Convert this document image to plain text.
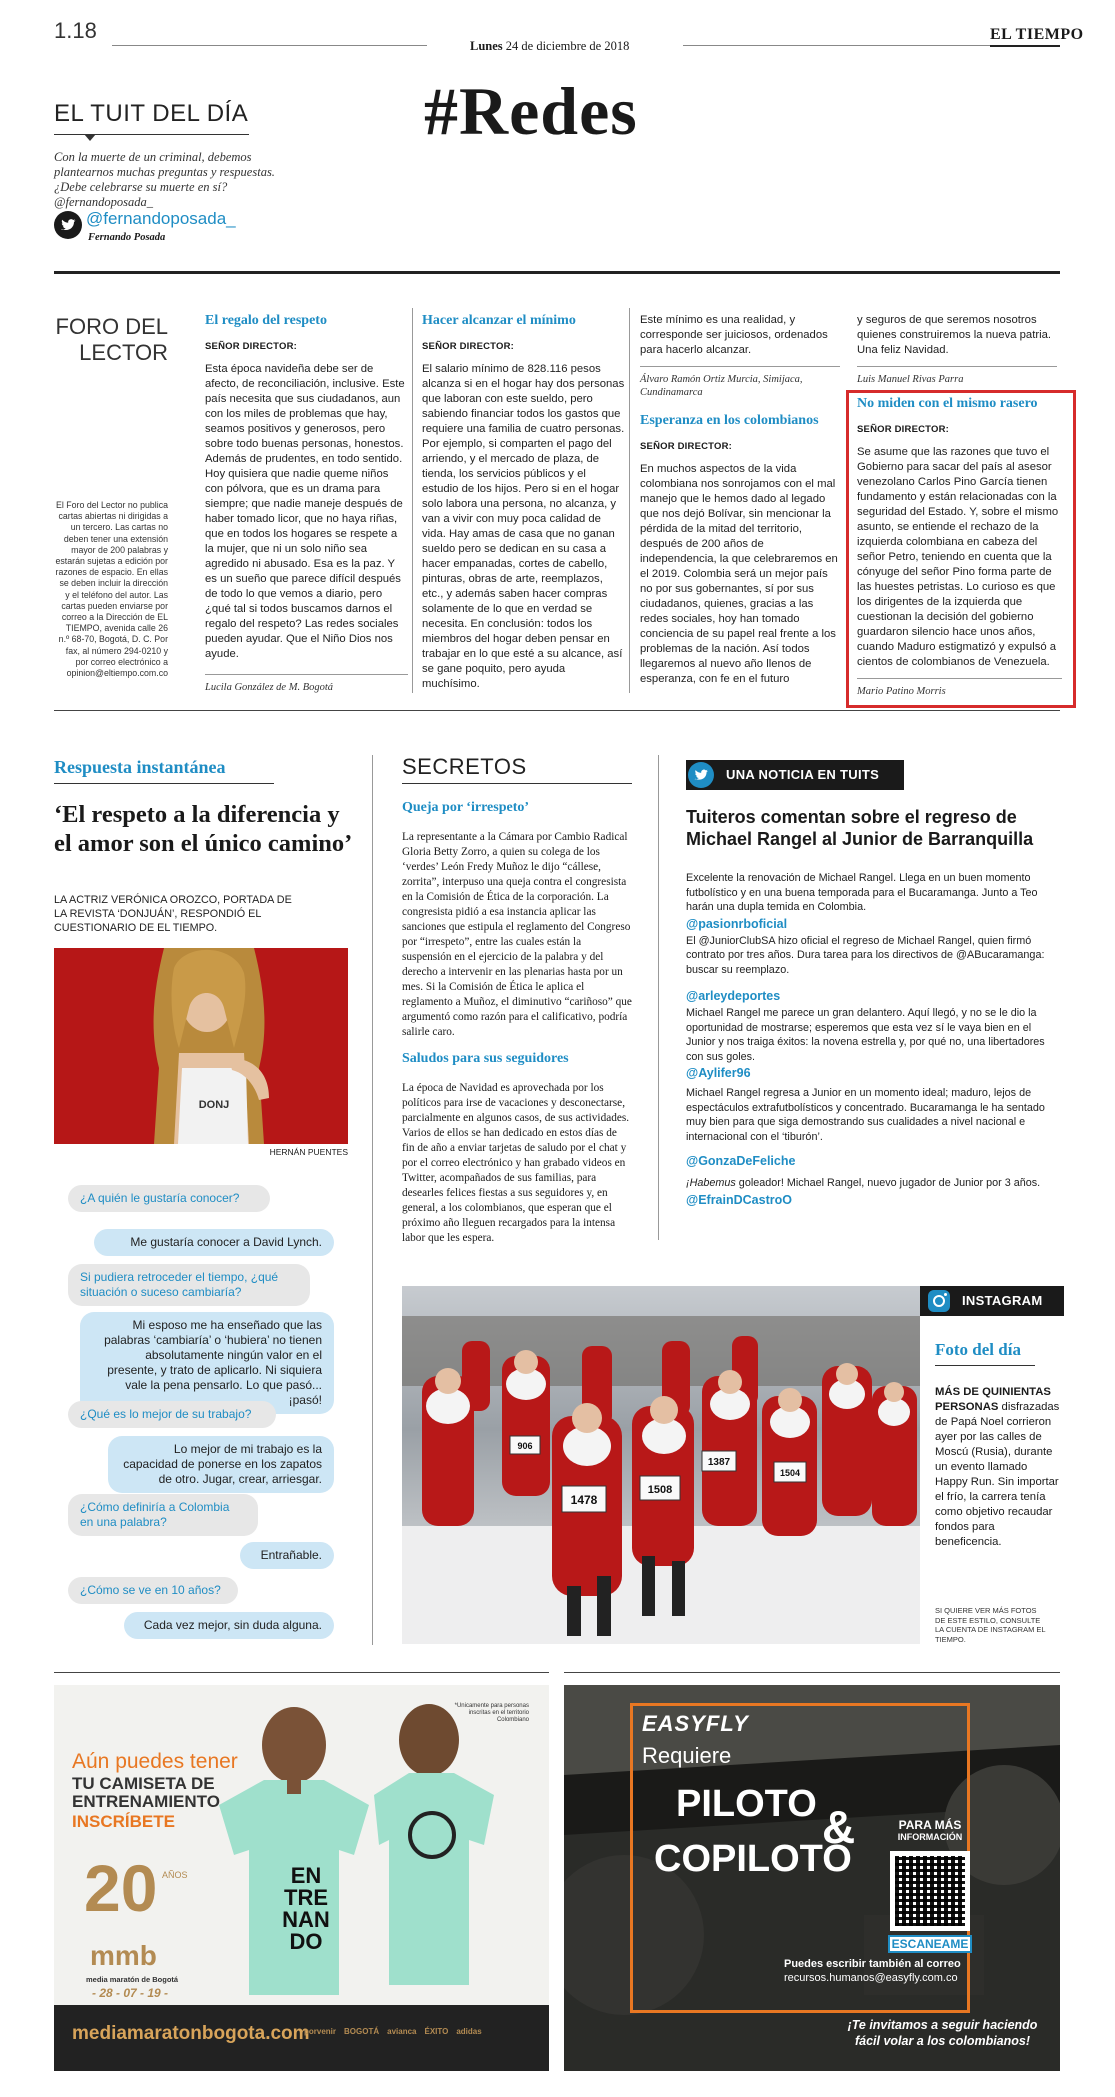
1.18
Lunes 24 de diciembre de 2018
EL TIEMPO
#Redes
EL TUIT DEL DÍA
Con la muerte de un criminal, debemos plantearnos muchas preguntas y respuestas. ¿Debe celebrarse su muerte en sí? @fernandoposada_
@fernandoposada_
Fernando Posada
FORO DEL
LECTOR
El Foro del Lector no publica cartas abiertas ni dirigidas a un tercero. Las cartas no deben tener una extensión mayor de 200 palabras y estarán sujetas a edición por razones de espacio. En ellas se deben incluir la dirección y el teléfono del autor. Las cartas pueden enviarse por correo a la Dirección de EL TIEMPO, avenida calle 26 n.º 68-70, Bogotá, D. C. Por fax, al número 294-0210 y por correo electrónico a opinion@eltiempo.com.co
El regalo del respeto
SEÑOR DIRECTOR:
Esta época navideña debe ser de afecto, de reconciliación, inclusive. Este país necesita que sus ciudadanos, aun con los miles de problemas que hay, seamos positivos y generosos, pero sobre todo buenas personas, honestos. Además de prudentes, en todo sentido. Hoy quisiera que nadie queme niños con pólvora, que es un drama para siempre; que nadie maneje después de haber tomado licor, que no haya riñas, que en todos los hogares se respete a la mujer, que ni un solo niño sea agredido ni abusado. Esa es la paz. Y es un sueño que parece difícil después de todo lo que vemos a diario, pero ¿qué tal si todos buscamos darnos el regalo del respeto? Las redes sociales pueden ayudar. Que el Niño Dios nos ayude.
Lucila González de M. Bogotá
Hacer alcanzar el mínimo
SEÑOR DIRECTOR:
El salario mínimo de 828.116 pesos alcanza si en el hogar hay dos personas que laboran con este sueldo, pero sabiendo financiar todos los gastos que requiere una familia de cuatro personas. Por ejemplo, si comparten el pago del arriendo, y el mercado de plaza, de tienda, los servicios públicos y el estudio de los hijos. Pero si en el hogar solo labora una persona, no alcanza, y van a vivir con muy poca calidad de vida. Hay amas de casa que no ganan sueldo pero se dedican en su casa a hacer empanadas, cortes de cabello, pinturas, obras de arte, reemplazos, etc., y además saben hacer compras solamente de lo que en verdad se necesita. En conclusión: todos los miembros del hogar deben pensar en trabajar en lo que esté a su alcance, así se gane poquito, pero ayuda muchísimo.
Este mínimo es una realidad, y corresponde ser juiciosos, ordenados para hacerlo alcanzar.
Álvaro Ramón Ortiz Murcia, Simijaca, Cundinamarca
Esperanza en los colombianos
SEÑOR DIRECTOR:
En muchos aspectos de la vida colombiana nos sonrojamos con el mal manejo que le hemos dado al legado que nos dejó Bolívar, sin mencionar la pérdida de la mitad del territorio, después de 200 años de independencia, la que celebraremos en el 2019. Colombia será un mejor país no por sus gobernantes, sí por sus ciudadanos, quienes, gracias a las redes sociales, hoy han tomado conciencia de su papel real frente a los problemas de la nación. Así todos llegaremos al nuevo año llenos de esperanza, con fe en el futuro
y seguros de que seremos nosotros quienes construiremos la nueva patria. Una feliz Navidad.
Luis Manuel Rivas Parra
No miden con el mismo rasero
SEÑOR DIRECTOR:
Se asume que las razones que tuvo el Gobierno para sacar del país al asesor venezolano Carlos Pino García tienen fundamento y están relacionadas con la seguridad del Estado. Y, sobre el mismo asunto, se entiende el rechazo de la izquierda colombiana en cabeza del señor Petro, teniendo en cuenta que la cónyuge del señor Pino forma parte de las huestes petristas. Lo curioso es que los dirigentes de la izquierda que cuestionan la decisión del gobierno guardaron silencio hace unos años, cuando Maduro estigmatizó y expulsó a cientos de colombianos de Venezuela.
Mario Patino Morris
Respuesta instantánea
‘El respeto a la diferencia y el amor son el único camino’
LA ACTRIZ VERÓNICA OROZCO, PORTADA DE LA REVISTA ‘DONJUÁN’, RESPONDIÓ EL CUESTIONARIO DE EL TIEMPO.
DONJ
HERNÁN PUENTES
¿A quién le gustaría conocer?
Me gustaría conocer a David Lynch.
Si pudiera retroceder el tiempo, ¿qué situación o suceso cambiaría?
Mi esposo me ha enseñado que las palabras ‘cambiaría’ o ‘hubiera’ no tienen absolutamente ningún valor en el presente, y trato de aplicarlo. Ni siquiera vale la pena pensarlo. Lo que pasó... ¡pasó!
¿Qué es lo mejor de su trabajo?
Lo mejor de mi trabajo es la capacidad de ponerse en los zapatos de otro. Jugar, crear, arriesgar.
¿Cómo definiría a Colombia en una palabra?
Entrañable.
¿Cómo se ve en 10 años?
Cada vez mejor, sin duda alguna.
SECRETOS
Queja por ‘irrespeto’
La representante a la Cámara por Cambio Radical Gloria Betty Zorro, a quien su colega de los ‘verdes’ León Fredy Muñoz le dijo “cállese, zorrita”, interpuso una queja contra el congresista en la Comisión de Ética de la corporación. La congresista pidió a esa instancia aplicar las sanciones que estipula el reglamento del Congreso por “irrespeto”, entre las cuales están la suspensión en el ejercicio de la palabra y del derecho a intervenir en las plenarias hasta por un mes. Si la Comisión de Ética le aplica el reglamento a Muñoz, el diminutivo “cariñoso” que argumentó como razón para el calificativo, podría salirle caro.
Saludos para sus seguidores
La época de Navidad es aprovechada por los políticos para irse de vacaciones y desconectarse, parcialmente en algunos casos, de sus actividades. Varios de ellos se han dedicado en estos días de fin de año a enviar tarjetas de saludo por el chat y por el correo electrónico y han grabado videos en Twitter, acompañados de sus familias, para desearles felices fiestas a sus seguidores y, en general, a los colombianos, que esperan que el próximo año lleguen recargados para la intensa labor que les espera.
UNA NOTICIA EN TUITS
Tuiteros comentan sobre el regreso de Michael Rangel al Junior de Barranquilla
Excelente la renovación de Michael Rangel. Llega en un buen momento futbolístico y en una buena temporada para el Bucaramanga. Junto a Teo harán una dupla temida en Colombia.
@pasionrboficial
El @JuniorClubSA hizo oficial el regreso de Michael Rangel, quien firmó contrato por tres años. Dura tarea para los directivos de @ABucaramanga: buscar su reemplazo.
@arleydeportes
Michael Rangel me parece un gran delantero. Aquí llegó, y no se le dio la oportunidad de mostrarse; esperemos que esta vez sí le vaya bien en el Junior y nos traiga éxitos: la novena estrella y, por qué no, una libertadores con sus goles.
@Aylifer96
Michael Rangel regresa a Junior en un momento ideal; maduro, lejos de espectáculos extrafutbolísticos y concentrado. Bucaramanga le ha sentado muy bien para que siga demostrando sus cualidades a nivel nacional e internacional con el ‘tiburón’.
@GonzaDeFeliche
¡Habemus goleador! Michael Rangel, nuevo jugador de Junior por 3 años.
@EfrainDCastroO
1478
1508
1387
906
1504
INSTAGRAM
Foto del día
MÁS DE QUINIENTAS PERSONAS disfrazadas de Papá Noel corrieron ayer por las calles de Moscú (Rusia), durante un evento llamado Happy Run. Sin importar el frío, la carrera tenía como objetivo recaudar fondos para beneficencia.
SI QUIERE VER MÁS FOTOS DE ESTE ESTILO, CONSULTE LA CUENTA DE INSTAGRAM EL TIEMPO.
Aún puedes tener
TU CAMISETA DE
ENTRENAMIENTO
INSCRÍBETE
*Unicamente para personas inscritas en el territorio Colombiano
EN TRE NAN DO
20 AÑOS
mmb
media maratón de Bogotá
- 28 - 07 - 19 -
mediamaratonbogota.com
porvenir BOGOTÁ avianca ÉXITO adidas
EASYFLY
Requiere
PILOTO &
COPILOTO
PARA MÁS
INFORMACIÓN
ESCANEAME
Puedes escribir también al correo
recursos.humanos@easyfly.com.co
¡Te invitamos a seguir haciendo
fácil volar a los colombianos!
